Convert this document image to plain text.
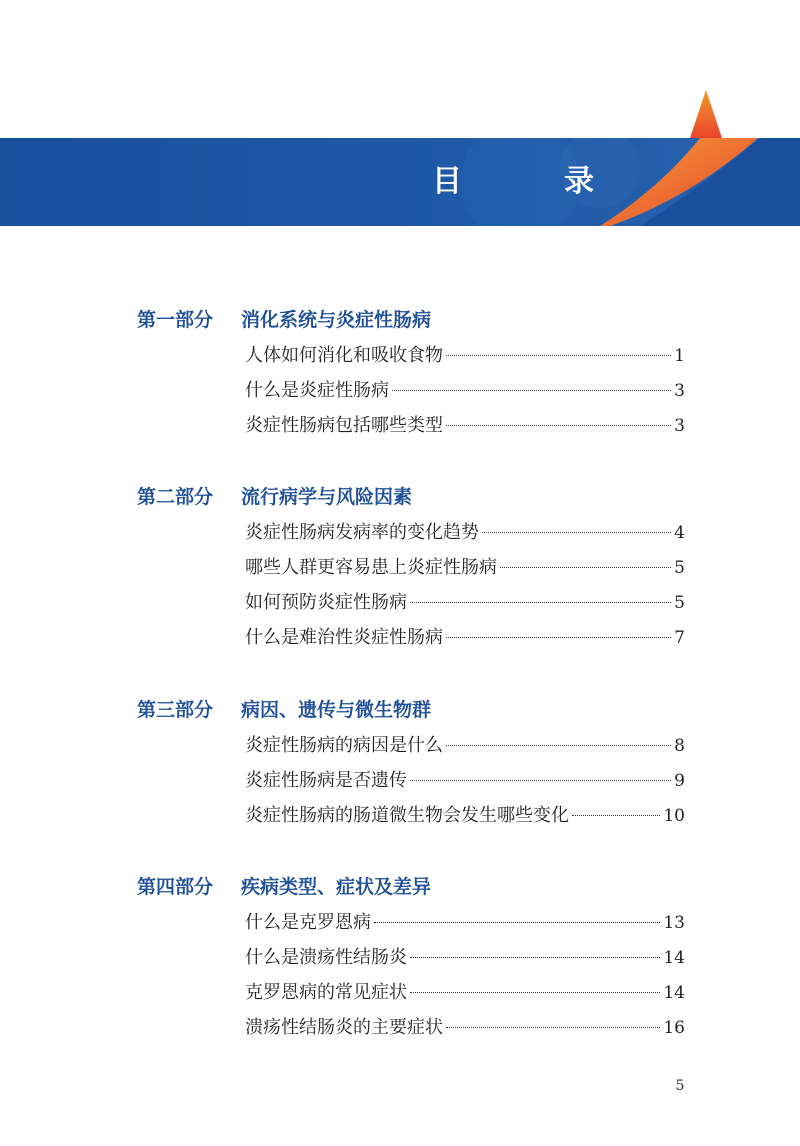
目　录
第一部分 消化系统与炎症性肠病
人体如何消化和吸收食物	1
什么是炎症性肠病	3
炎症性肠病包括哪些类型	3
第二部分 流行病学与风险因素
炎症性肠病发病率的变化趋势	4
哪些人群更容易患上炎症性肠病	5
如何预防炎症性肠病	5
什么是难治性炎症性肠病	7
第三部分 病因、遗传与微生物群
炎症性肠病的病因是什么	8
炎症性肠病是否遗传	9
炎症性肠病的肠道微生物会发生哪些变化	10
第四部分 疾病类型、症状及差异
什么是克罗恩病	13
什么是溃疡性结肠炎	14
克罗恩病的常见症状	14
溃疡性结肠炎的主要症状	16
5
